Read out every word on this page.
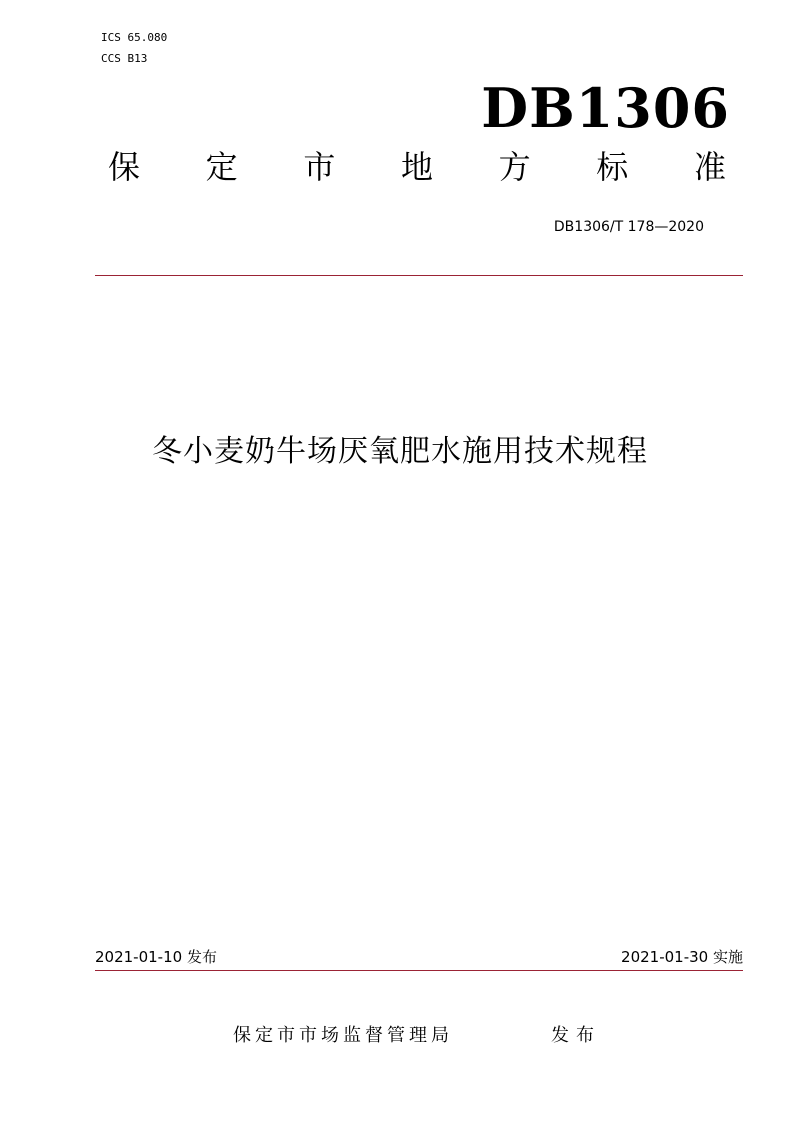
ICS 65.080
CCS B13
DB1306
保 定 市 地 方 标 准
DB1306/T 178—2020
冬小麦奶牛场厌氧肥水施用技术规程
2021-01-10 发布	2021-01-30 实施
保定市市场监督管理局	发布
